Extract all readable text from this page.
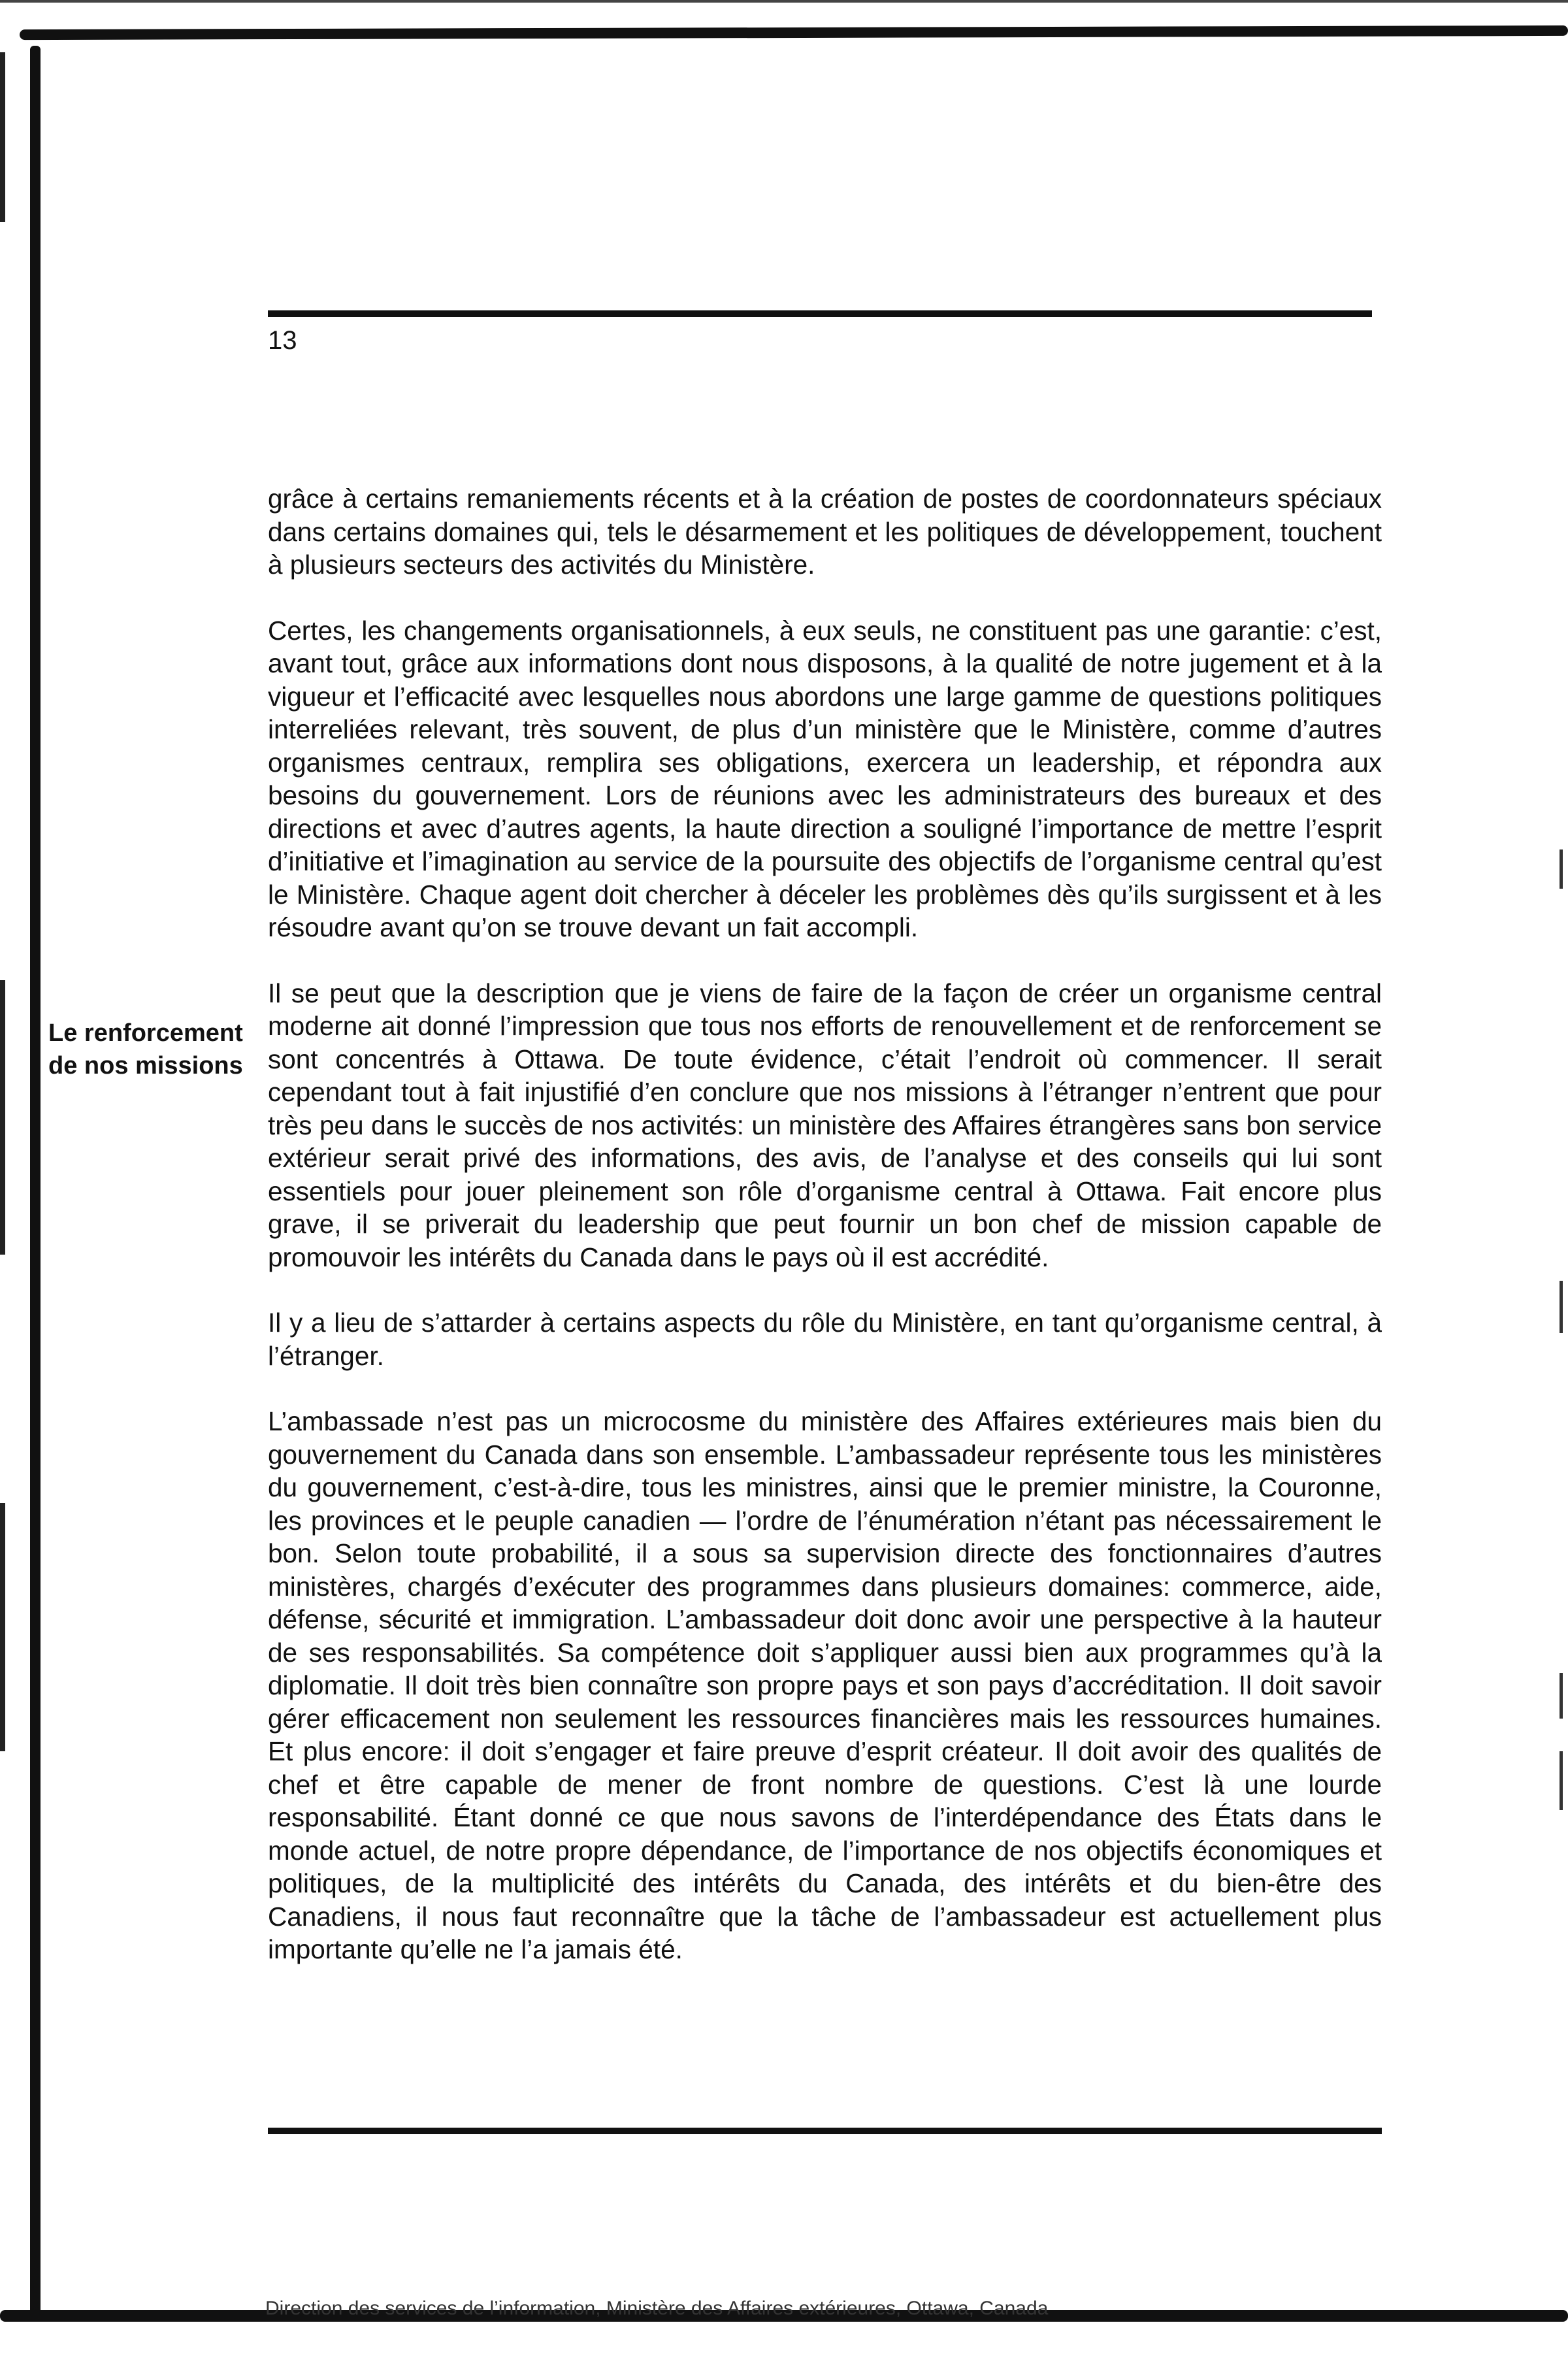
13
Le renforcement
de nos missions

grâce à certains remaniements récents et à la création de postes de coordonnateurs spéciaux dans certains domaines qui, tels le désarmement et les politiques de développement, touchent à plusieurs secteurs des activités du Ministère.

Certes, les changements organisationnels, à eux seuls, ne constituent pas une garantie: c’est, avant tout, grâce aux informations dont nous disposons, à la qualité de notre jugement et à la vigueur et l’efficacité avec lesquelles nous abordons une large gamme de questions politiques interreliées relevant, très souvent, de plus d’un ministère que le Ministère, comme d’autres organismes centraux, remplira ses obligations, exercera un leadership, et répondra aux besoins du gouvernement. Lors de réunions avec les administrateurs des bureaux et des directions et avec d’autres agents, la haute direction a souligné l’importance de mettre l’esprit d’initiative et l’imagination au service de la poursuite des objectifs de l’organisme central qu’est le Ministère. Chaque agent doit chercher à déceler les problèmes dès qu’ils surgissent et à les résoudre avant qu’on se trouve devant un fait accompli.

Il se peut que la description que je viens de faire de la façon de créer un organisme central moderne ait donné l’impression que tous nos efforts de renouvellement et de renforcement se sont concentrés à Ottawa. De toute évidence, c’était l’endroit où commencer. Il serait cependant tout à fait injustifié d’en conclure que nos missions à l’étranger n’entrent que pour très peu dans le succès de nos activités: un ministère des Affaires étrangères sans bon service extérieur serait privé des informations, des avis, de l’analyse et des conseils qui lui sont essentiels pour jouer pleinement son rôle d’organisme central à Ottawa. Fait encore plus grave, il se priverait du leadership que peut fournir un bon chef de mission capable de promouvoir les intérêts du Canada dans le pays où il est accrédité.

Il y a lieu de s’attarder à certains aspects du rôle du Ministère, en tant qu’organisme central, à l’étranger.

L’ambassade n’est pas un microcosme du ministère des Affaires extérieures mais bien du gouvernement du Canada dans son ensemble. L’ambassadeur représente tous les ministères du gouvernement, c’est-à-dire, tous les ministres, ainsi que le premier ministre, la Couronne, les provinces et le peuple canadien — l’ordre de l’énumération n’étant pas nécessairement le bon. Selon toute probabilité, il a sous sa supervision directe des fonctionnaires d’autres ministères, chargés d’exécuter des programmes dans plusieurs domaines: commerce, aide, défense, sécurité et immigration. L’ambassadeur doit donc avoir une perspective à la hauteur de ses responsabilités. Sa compétence doit s’appliquer aussi bien aux programmes qu’à la diplomatie. Il doit très bien connaître son propre pays et son pays d’accréditation. Il doit savoir gérer efficacement non seulement les ressources financières mais les ressources humaines. Et plus encore: il doit s’engager et faire preuve d’esprit créateur. Il doit avoir des qualités de chef et être capable de mener de front nombre de questions. C’est là une lourde responsabilité. Étant donné ce que nous savons de l’interdépendance des États dans le monde actuel, de notre propre dépendance, de l’importance de nos objectifs économiques et politiques, de la multiplicité des intérêts du Canada, des intérêts et du bien-être des Canadiens, il nous faut reconnaître que la tâche de l’ambassadeur est actuellement plus importante qu’elle ne l’a jamais été.

Direction des services de l’information, Ministère des Affaires extérieures, Ottawa, Canada
